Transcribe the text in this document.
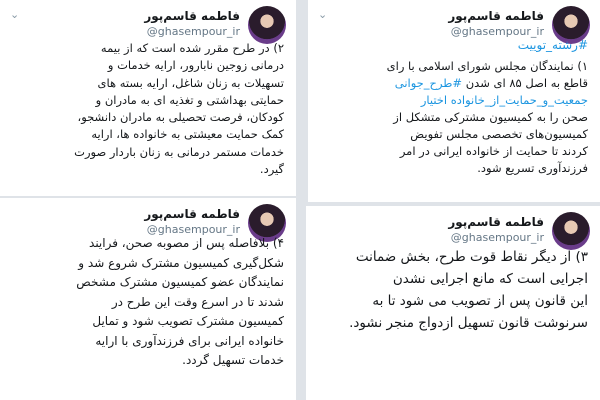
فاطمه قاسم‌پور
@ghasempour_ir
⌄
#رشته_توییت
۱) نمایندگان مجلس شورای اسلامی با رای
قاطع به اصل ۸۵ ای شدن #طرح_جوانی
جمعیت_و_حمایت_از_خانواده اختیار
صحن را به کمیسیون مشترکی متشکل از
کمیسیون‌های تخصصی مجلس تفویض
کردند تا حمایت از خانواده ایرانی در امر
فرزندآوری تسریع شود.
فاطمه قاسم‌پور
@ghasempour_ir
⌄
۲) در طرح مقرر شده است که از بیمه
درمانی زوجین نابارور، ارایه خدمات و
تسهیلات به زنان شاغل، ارایه بسته های
حمایتی بهداشتی و تغذیه ای به مادران و
کودکان، فرصت تحصیلی به مادران دانشجو،
کمک حمایت معیشتی به خانواده ها، ارایه
خدمات مستمر درمانی به زنان باردار صورت
گیرد.
فاطمه قاسم‌پور
@ghasempour_ir
۴) بلافاصله پس از مصوبه صحن، فرایند
شکل‌گیری کمیسیون مشترک شروع شد و
نمایندگان عضو کمیسیون مشترک مشخص
شدند تا در اسرع وقت این طرح در
کمیسیون مشترک تصویب شود و تمایل
خانواده ایرانی برای فرزندآوری با ارایه
خدمات تسهیل گردد.
فاطمه قاسم‌پور
@ghasempour_ir
۳) از دیگر نقاط قوت طرح، بخش ضمانت
اجرایی است که مانع اجرایی نشدن
این قانون پس از تصویب می شود تا به
سرنوشت قانون تسهیل ازدواج منجر نشود.
